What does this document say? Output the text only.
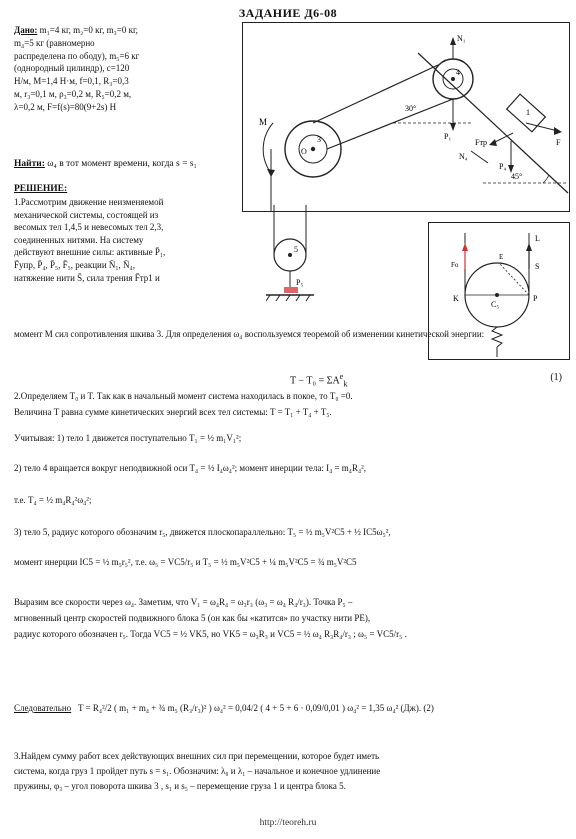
ЗАДАНИЕ Д6-08
Дано: m₁=4 кг, m₂=0 кг, m₃=0 кг,
m₄=5 кг (равномерно
распределена по ободу), m₅=6 кг
(однородный цилиндр), с=120
Н/м, M=1,4 Н·м, f=0,1, R₃=0,3
м, r₃=0,1 м, ρ₃=0,2 м, R₅=0,2 м,
λ=0,2 м, F=f(s)=80(9+2s) Н
Найти: ω₄ в тот момент времени, когда s = s₁
РЕШЕНИЕ:
1.Рассмотрим движение неизменяемой
механической системы, состоящей из
весомых тел 1,4,5 и невесомых тел 2,3,
соединенных нитями. На систему
действуют внешние силы: активные P̄₁,
F̄упр, P̄₄, P̄₅, F̄₅, реакции N̄₁, N̄₄,
натяжение нити S̄, сила трения F̄тр1 и
45°
4
N₁
P₁
30°
O
3
M
1
F
Fтр
P₄
N₄
5
P₅
Fо	S
L
K
C₅
P
E
момент M сил сопротивления шкива 3. Для определения ω₄ воспользуемся теоремой об изменении кинетической энергии:
$T - T_0 = \Sigma A^e_k$
(1)
2.Определяем T₀ и T. Так как в начальный момент система находилась в покое, то T₀ =0.
Величина T равна сумме кинетических энергий всех тел системы: T = T₁ + T₄ + T₅.
Учитывая: 1) тело 1 движется поступательно T₁ = ½ m₁V₁²;
2) тело 4 вращается вокруг неподвижной оси T₄ = ½ I₄ω₄²; момент инерции тела: I₄ = m₄R₄²,
т.е. T₄ = ½ m₄R₄²ω₄²;
3) тело 5, радиус которого обозначим r₅, движется плоскопараллельно: T₅ = ½ m₅V²C5 + ½ IC5ω₅²,
момент инерции IC5 = ½ m₅r₅², т.е. ω₅ = VC5/r₅ и T₅ = ½ m₅V²C5 + ¼ m₅V²C5 = ¾ m₅V²C5
Выразим все скорости через ω₄. Заметим, что V₁ = ω₄R₄ = ω₃r₃ (ω₃ = ω₄ R₄/r₃). Точка P₅ –
мгновенный центр скоростей подвижного блока 5 (он как бы «катится» по участку нити PE),
радиус которого обозначен r₅. Тогда VC5 = ½ VK5, но VK5 = ω₃R₃ и VC5 = ½ ω₄ R₃R₄/r₃ ; ω₅ = VC5/r₅ .
Следовательно T = R₄²/2 ( m₁ + m₄ + ¾ m₅ (R₃/r₃)² ) ω₄² = 0,04/2 ( 4 + 5 + 6 · 0,09/0,01 ) ω₄² = 1,35 ω₄² (Дж). (2)
3.Найдем сумму работ всех действующих внешних сил при перемещении, которое будет иметь
система, когда груз 1 пройдет путь s = s₁. Обозначим: λ₀ и λ₁ – начальное и конечное удлинение
пружины, φ₃ – угол поворота шкива 3 , s₁ и s₅ – перемещение груза 1 и центра блока 5.
http://teoreh.ru
